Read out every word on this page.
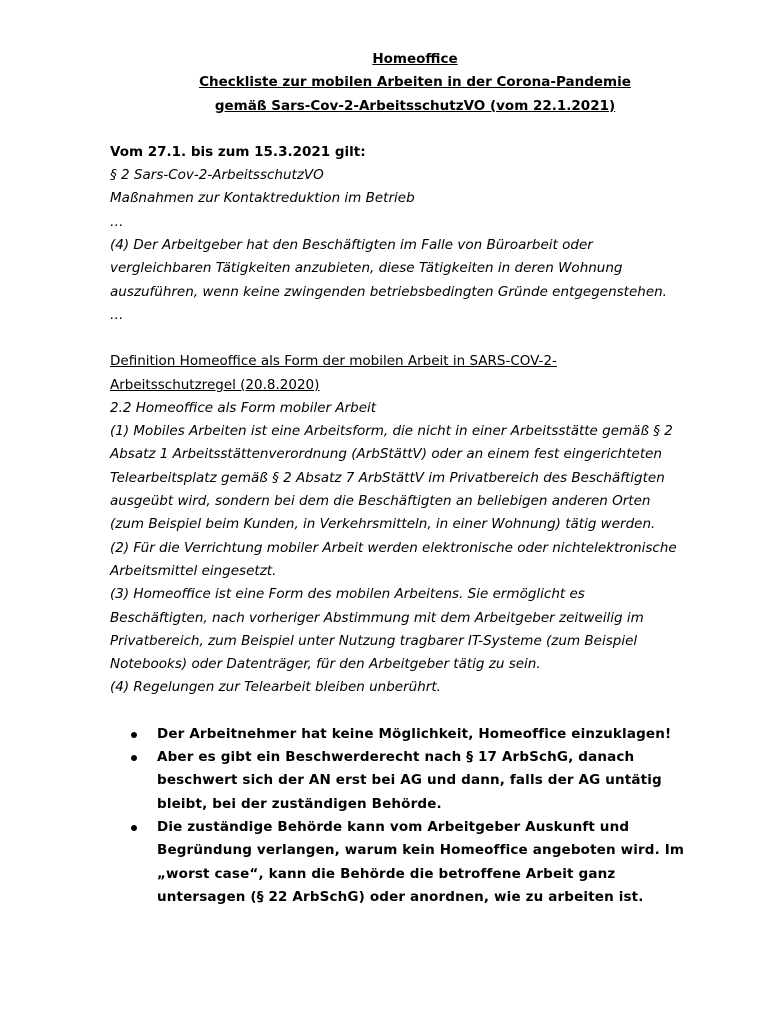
Homeoffice

Checkliste zur mobilen Arbeiten in der Corona-Pandemie

gemäß Sars-Cov-2-ArbeitsschutzVO (vom 22.1.2021)

Vom 27.1. bis zum 15.3.2021 gilt:

§ 2 Sars-Cov-2-ArbeitsschutzVO

Maßnahmen zur Kontaktreduktion im Betrieb

…

(4) Der Arbeitgeber hat den Beschäftigten im Falle von Büroarbeit oder

vergleichbaren Tätigkeiten anzubieten, diese Tätigkeiten in deren Wohnung

auszuführen, wenn keine zwingenden betriebsbedingten Gründe entgegenstehen.

…

Definition Homeoffice als Form der mobilen Arbeit in SARS-COV-2-

Arbeitsschutzregel (20.8.2020)

2.2 Homeoffice als Form mobiler Arbeit

(1) Mobiles Arbeiten ist eine Arbeitsform, die nicht in einer Arbeitsstätte gemäß § 2

Absatz 1 Arbeitsstättenverordnung (ArbStättV) oder an einem fest eingerichteten

Telearbeitsplatz gemäß § 2 Absatz 7 ArbStättV im Privatbereich des Beschäftigten

ausgeübt wird, sondern bei dem die Beschäftigten an beliebigen anderen Orten

(zum Beispiel beim Kunden, in Verkehrsmitteln, in einer Wohnung) tätig werden.

(2) Für die Verrichtung mobiler Arbeit werden elektronische oder nichtelektronische

Arbeitsmittel eingesetzt.

(3) Homeoffice ist eine Form des mobilen Arbeitens. Sie ermöglicht es

Beschäftigten, nach vorheriger Abstimmung mit dem Arbeitgeber zeitweilig im

Privatbereich, zum Beispiel unter Nutzung tragbarer IT-Systeme (zum Beispiel

Notebooks) oder Datenträger, für den Arbeitgeber tätig zu sein.

(4) Regelungen zur Telearbeit bleiben unberührt.

Der Arbeitnehmer hat keine Möglichkeit, Homeoffice einzuklagen!
Aber es gibt ein Beschwerderecht nach § 17 ArbSchG, danach
beschwert sich der AN erst bei AG und dann, falls der AG untätig
bleibt, bei der zuständigen Behörde.
Die zuständige Behörde kann vom Arbeitgeber Auskunft und
Begründung verlangen, warum kein Homeoffice angeboten wird. Im
„worst case“, kann die Behörde die betroffene Arbeit ganz
untersagen (§ 22 ArbSchG) oder anordnen, wie zu arbeiten ist.
